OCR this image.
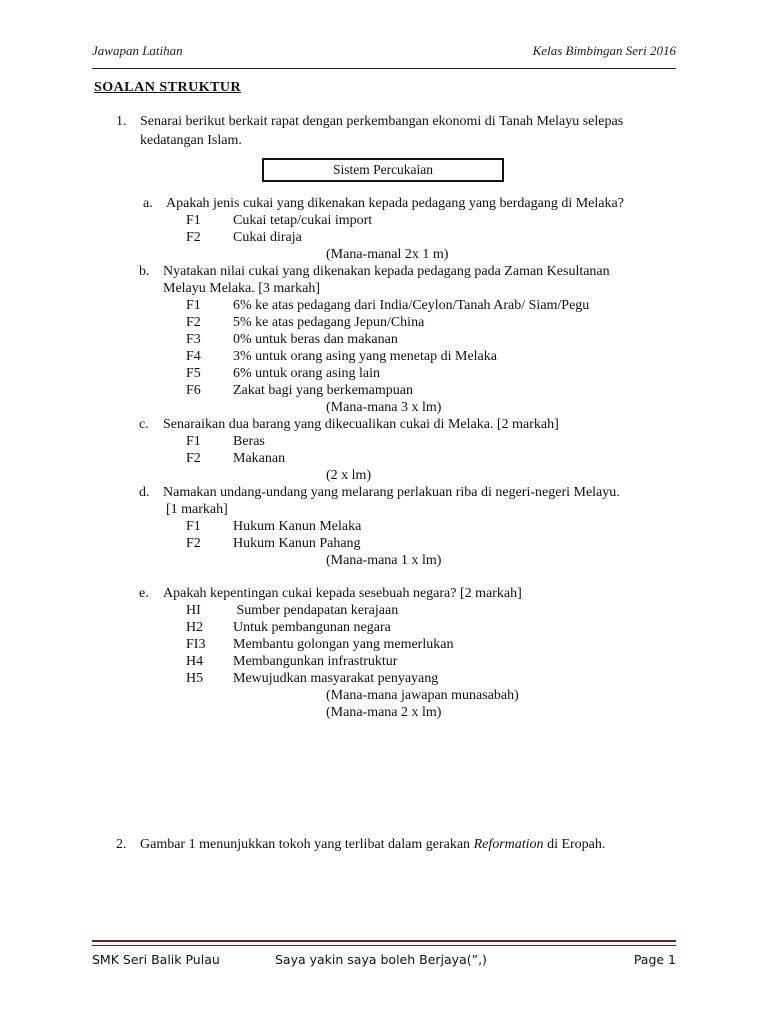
Jawapan Latihan	Kelas Bimbingan Seri 2016
SOALAN STRUKTUR
1. Senarai berikut berkait rapat dengan perkembangan ekonomi di Tanah Melayu selepas
kedatangan Islam.
Sistem Percukaian
a. Apakah jenis cukai yang dikenakan kepada pedagang yang berdagang di Melaka?
F1 Cukai tetap/cukai import
F2 Cukai diraja
(Mana-manal 2x 1 m)
b. Nyatakan nilai cukai yang dikenakan kepada pedagang pada Zaman Kesultanan
Melayu Melaka. [3 markah]
F1 6% ke atas pedagang dari India/Ceylon/Tanah Arab/ Siam/Pegu
F2 5% ke atas pedagang Jepun/China
F3 0% untuk beras dan makanan
F4 3% untuk orang asing yang menetap di Melaka
F5 6% untuk orang asing lain
F6 Zakat bagi yang berkemampuan
(Mana-mana 3 x lm)
c. Senaraikan dua barang yang dikecualikan cukai di Melaka. [2 markah]
F1 Beras
F2 Makanan
(2 x lm)
d. Namakan undang-undang yang melarang perlakuan riba di negeri-negeri Melayu.
[1 markah]
F1 Hukum Kanun Melaka
F2 Hukum Kanun Pahang
(Mana-mana 1 x lm)
e. Apakah kepentingan cukai kepada sesebuah negara? [2 markah]
HI Sumber pendapatan kerajaan
H2 Untuk pembangunan negara
FI3 Membantu golongan yang memerlukan
H4 Membangunkan infrastruktur
H5 Mewujudkan masyarakat penyayang
(Mana-mana jawapan munasabah)
(Mana-mana 2 x lm)
2. Gambar 1 menunjukkan tokoh yang terlibat dalam gerakan Reformation di Eropah.
SMK Seri Balik Pulau	Saya yakin saya boleh Berjaya(”,)	Page 1
